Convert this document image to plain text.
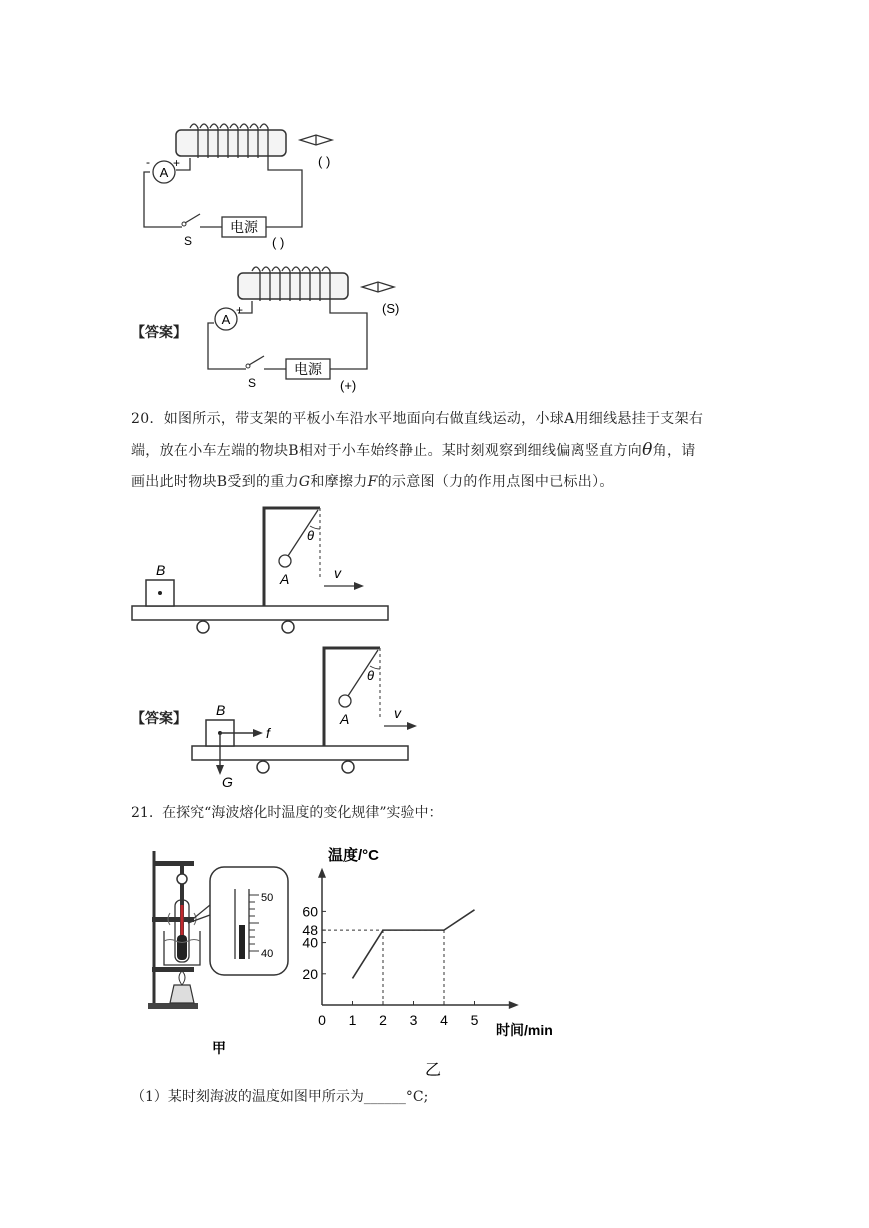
A
- +
S
电源
( )
( )
【答案】
A
+
S
电源
(+)
(S)
20. 如图所示，带支架的平板小车沿水平地面向右做直线运动，小球A用细线悬挂于支架右
端，放在小车左端的物块B相对于小车始终静止。某时刻观察到细线偏离竖直方向θ角，请
画出此时物块B受到的重力G和摩擦力F的示意图（力的作用点图中已标出）。
B
A
θ
v
【答案】
B
f
G
A
θ
v
21. 在探究“海波熔化时温度的变化规律”实验中：
50
40
甲
0 1 2 3 4 5
20
40
48
60
温度/°C
时间/min
乙
（1）某时刻海波的温度如图甲所示为______°C;
